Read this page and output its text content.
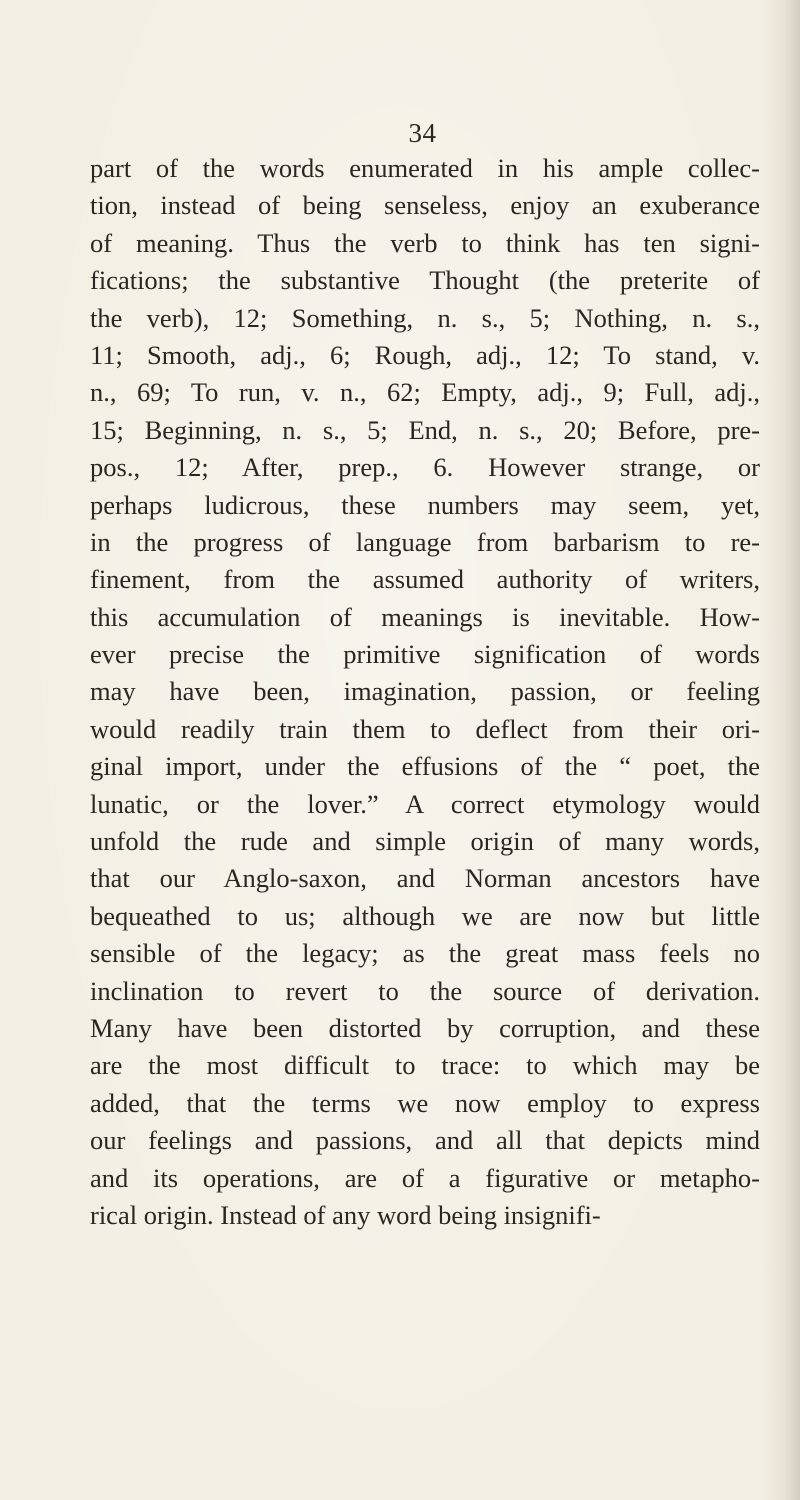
34
part of the words enumerated in his ample collec-
tion, instead of being senseless, enjoy an exuberance
of meaning. Thus the verb to think has ten signi-
fications; the substantive Thought (the preterite of
the verb), 12; Something, n. s., 5; Nothing, n. s.,
11; Smooth, adj., 6; Rough, adj., 12; To stand, v.
n., 69; To run, v. n., 62; Empty, adj., 9; Full, adj.,
15; Beginning, n. s., 5; End, n. s., 20; Before, pre-
pos., 12; After, prep., 6. However strange, or
perhaps ludicrous, these numbers may seem, yet,
in the progress of language from barbarism to re-
finement, from the assumed authority of writers,
this accumulation of meanings is inevitable. How-
ever precise the primitive signification of words
may have been, imagination, passion, or feeling
would readily train them to deflect from their ori-
ginal import, under the effusions of the “ poet, the
lunatic, or the lover.” A correct etymology would
unfold the rude and simple origin of many words,
that our Anglo-saxon, and Norman ancestors have
bequeathed to us; although we are now but little
sensible of the legacy; as the great mass feels no
inclination to revert to the source of derivation.
Many have been distorted by corruption, and these
are the most difficult to trace: to which may be
added, that the terms we now employ to express
our feelings and passions, and all that depicts mind
and its operations, are of a figurative or metapho-
rical origin. Instead of any word being insignifi-
